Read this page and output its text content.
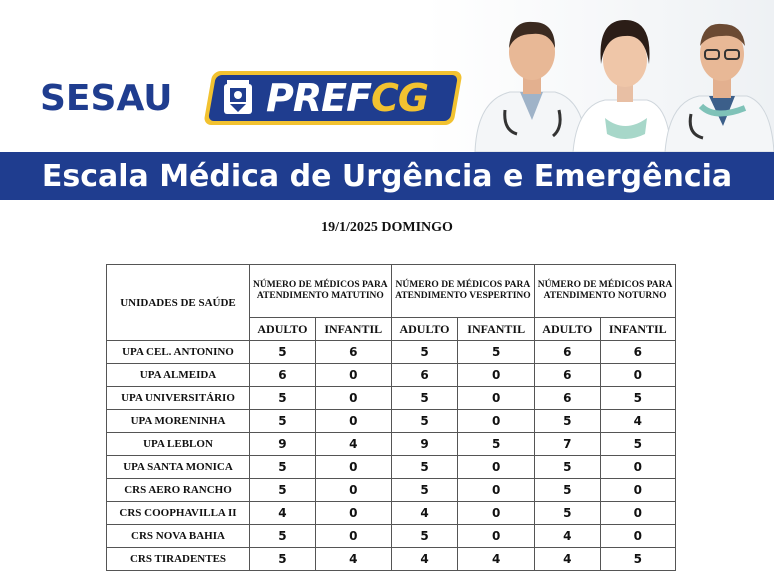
SESAU PREFCG
Escala Médica de Urgência e Emergência
19/1/2025 DOMINGO
UNIDADES DE SAÚDE	NÚMERO DE MÉDICOS PARA ATENDIMENTO MATUTINO		NÚMERO DE MÉDICOS PARA ATENDIMENTO VESPERTINO		NÚMERO DE MÉDICOS PARA ATENDIMENTO NOTURNO	
	ADULTO	INFANTIL	ADULTO	INFANTIL	ADULTO	INFANTIL
UPA CEL. ANTONINO	5	6	5	5	6	6
UPA ALMEIDA	6	0	6	0	6	0
UPA UNIVERSITÁRIO	5	0	5	0	6	5
UPA MORENINHA	5	0	5	0	5	4
UPA LEBLON	9	4	9	5	7	5
UPA SANTA MONICA	5	0	5	0	5	0
CRS AERO RANCHO	5	0	5	0	5	0
CRS COOPHAVILLA II	4	0	4	0	5	0
CRS NOVA BAHIA	5	0	5	0	4	0
CRS TIRADENTES	5	4	4	4	4	5
